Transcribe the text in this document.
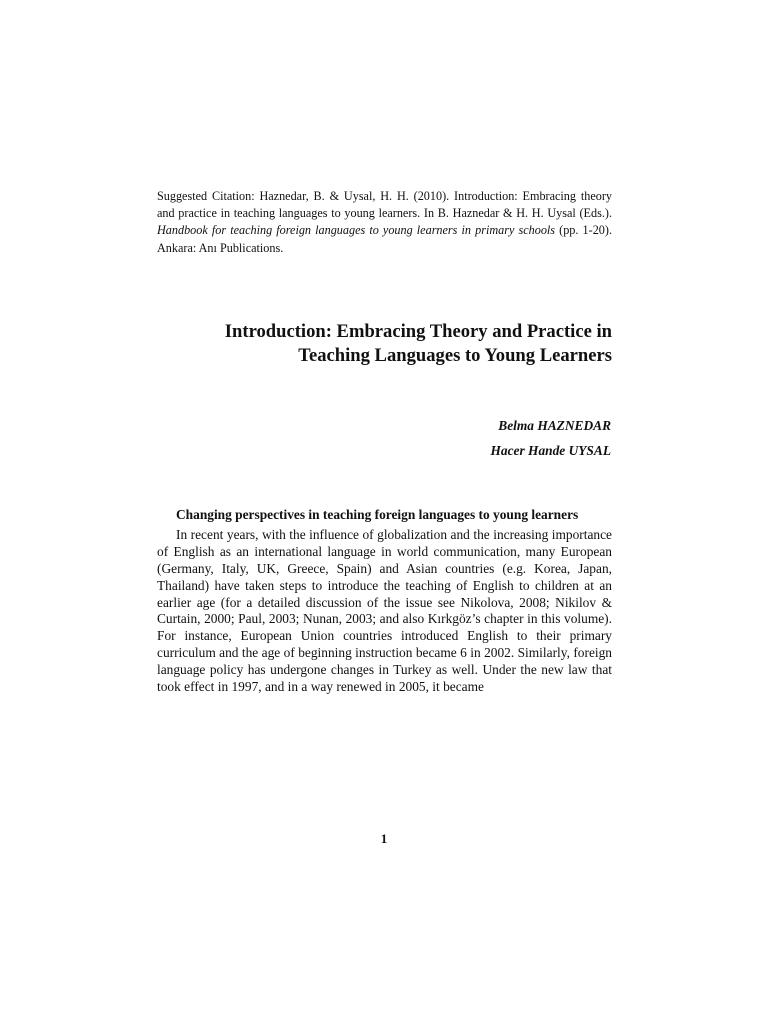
Suggested Citation: Haznedar, B. & Uysal, H. H. (2010). Introduction: Embracing theory and practice in teaching languages to young learners. In B. Haznedar & H. H. Uysal (Eds.). Handbook for teaching foreign languages to young learners in primary schools (pp. 1-20). Ankara: Anı Publications.
Introduction: Embracing Theory and Practice in
Teaching Languages to Young Learners
Belma HAZNEDAR
Hacer Hande UYSAL

Changing perspectives in teaching foreign languages to young learners

In recent years, with the influence of globalization and the increasing importance of English as an international language in world communication, many European (Germany, Italy, UK, Greece, Spain) and Asian countries (e.g. Korea, Japan, Thailand) have taken steps to introduce the teaching of English to children at an earlier age (for a detailed discussion of the issue see Nikolova, 2008; Nikilov & Curtain, 2000; Paul, 2003; Nunan, 2003; and also Kırkgöz’s chapter in this volume). For instance, European Union countries introduced English to their primary curriculum and the age of beginning instruction became 6 in 2002. Similarly, foreign language policy has undergone changes in Turkey as well. Under the new law that took effect in 1997, and in a way renewed in 2005, it became

1
